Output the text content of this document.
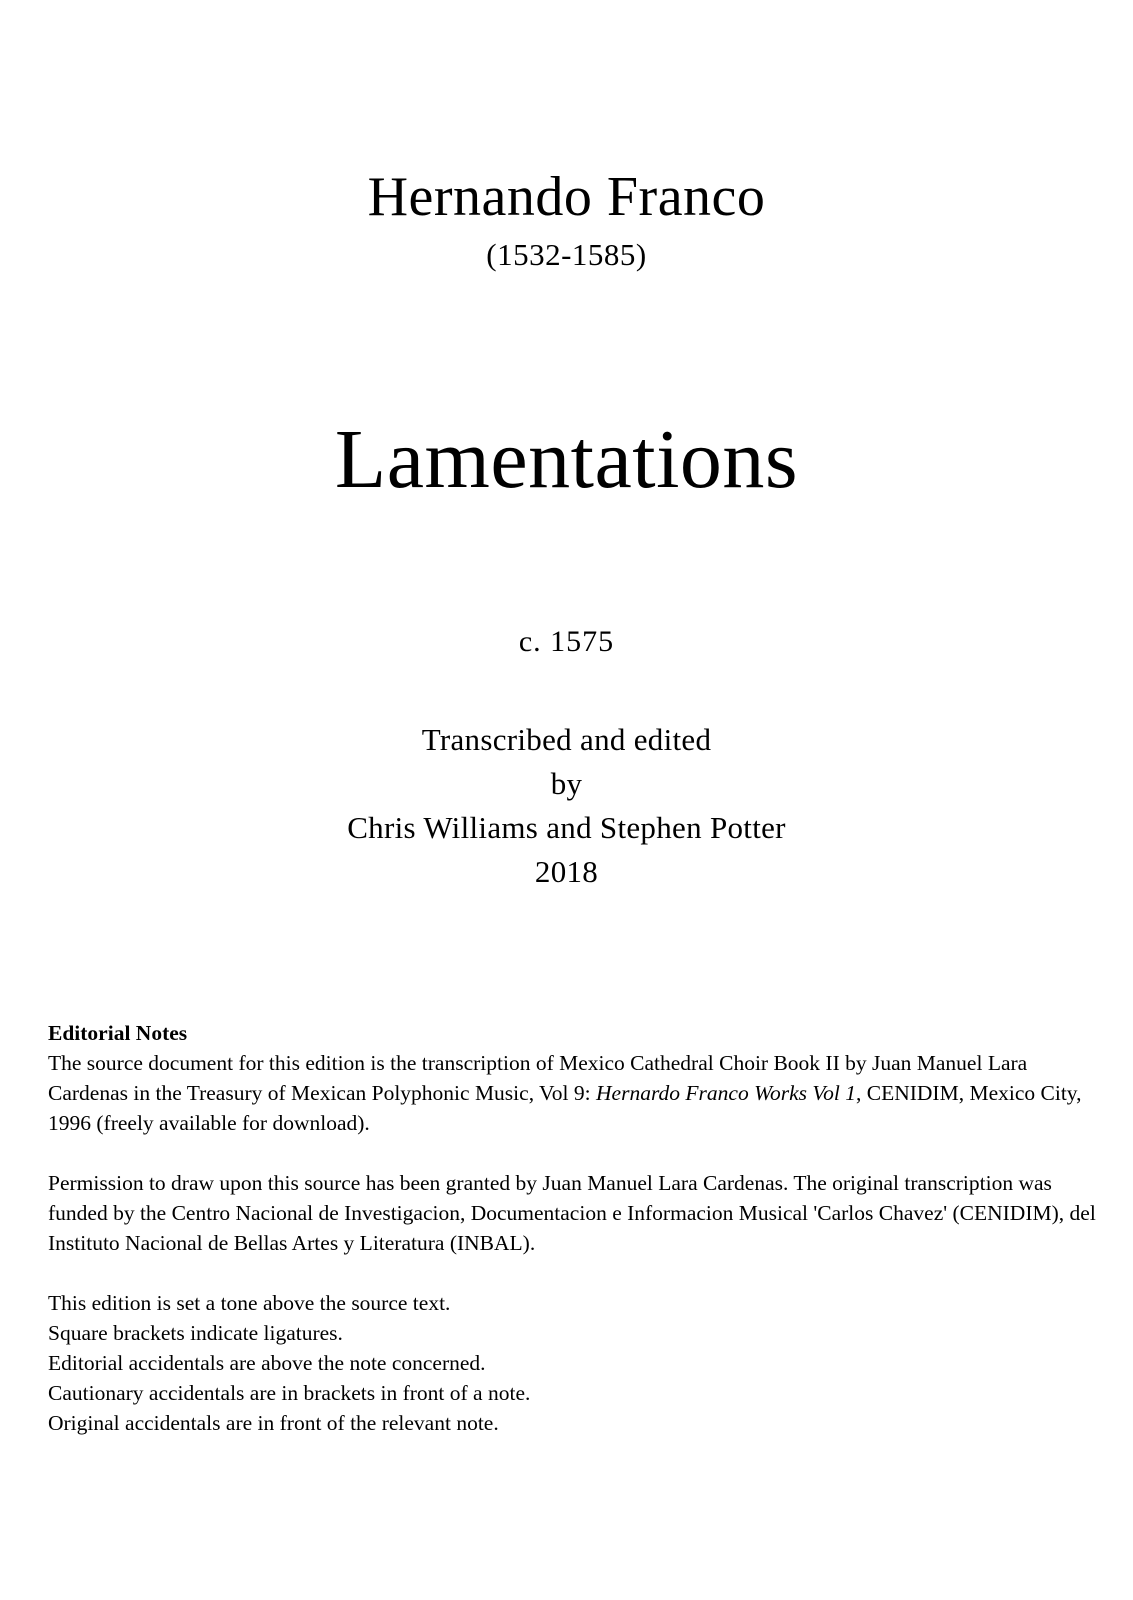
Hernando Franco
(1532-1585)
Lamentations
c. 1575
Transcribed and edited
by
Chris Williams and Stephen Potter
2018
Editorial Notes

The source document for this edition is the transcription of Mexico Cathedral Choir Book II by Juan Manuel Lara Cardenas in the Treasury of Mexican Polyphonic Music, Vol 9: Hernardo Franco Works Vol 1, CENIDIM, Mexico City, 1996 (freely available for download).

Permission to draw upon this source has been granted by Juan Manuel Lara Cardenas. The original transcription was funded by the Centro Nacional de Investigacion, Documentacion e Informacion Musical 'Carlos Chavez' (CENIDIM), del Instituto Nacional de Bellas Artes y Literatura (INBAL).

This edition is set a tone above the source text.
Square brackets indicate ligatures.
Editorial accidentals are above the note concerned.
Cautionary accidentals are in brackets in front of a note.
Original accidentals are in front of the relevant note.
